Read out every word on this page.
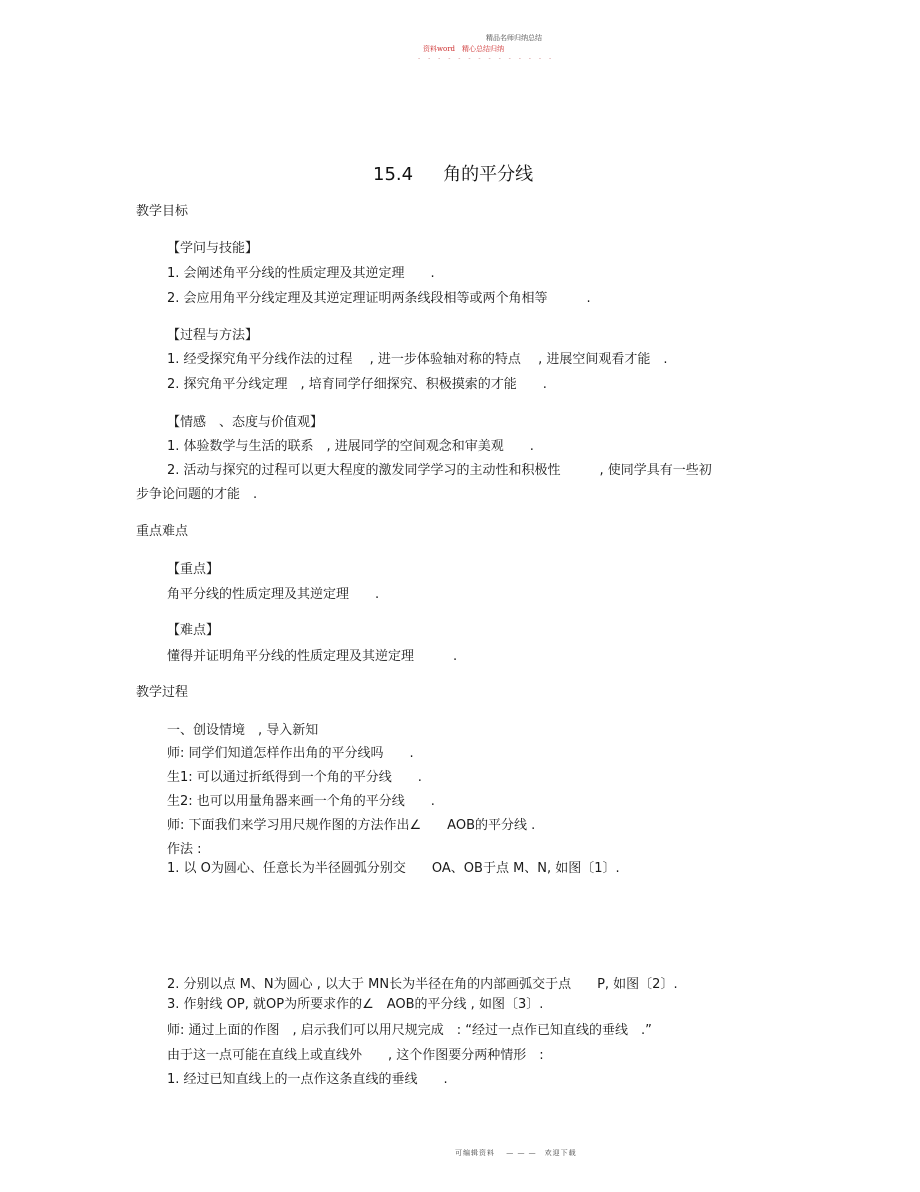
精品名师归纳总结
资料word 精心总结归纳
- - - - - - - - - - - - - -
15.4 角的平分线
教学目标
【学问与技能】
1. 会阐述角平分线的性质定理及其逆定理　　.
2. 会应用角平分线定理及其逆定理证明两条线段相等或两个角相等　　　.
【过程与方法】
1. 经受探究角平分线作法的过程　 , 进一步体验轴对称的特点　 , 进展空间观看才能　.
2. 探究角平分线定理　, 培育同学仔细探究、积极摸索的才能　　.
【情感　、态度与价值观】
1. 体验数学与生活的联系　, 进展同学的空间观念和审美观　　.
2. 活动与探究的过程可以更大程度的激发同学学习的主动性和积极性　　　, 使同学具有一些初
步争论问题的才能　.
重点难点
【重点】
角平分线的性质定理及其逆定理　　.
【难点】
懂得并证明角平分线的性质定理及其逆定理　　　.
教学过程
一、创设情境　, 导入新知
师: 同学们知道怎样作出角的平分线吗　　.
生1: 可以通过折纸得到一个角的平分线　　.
生2: 也可以用量角器来画一个角的平分线　　.
师: 下面我们来学习用尺规作图的方法作出∠　　AOB的平分线 .
作法 :
1. 以 O为圆心、任意长为半径圆弧分别交　　OA、OB于点 M、N, 如图〔1〕.
2. 分别以点 M、N为圆心 , 以大于 MN长为半径在角的内部画弧交于点　　P, 如图〔2〕.
3. 作射线 OP, 就OP为所要求作的∠　AOB的平分线 , 如图〔3〕.
师: 通过上面的作图　, 启示我们可以用尺规完成　: “经过一点作已知直线的垂线　.”
由于这一点可能在直线上或直线外　　, 这个作图要分两种情形　:
1. 经过已知直线上的一点作这条直线的垂线　　.
可编辑资料　 — — —　欢迎下载
